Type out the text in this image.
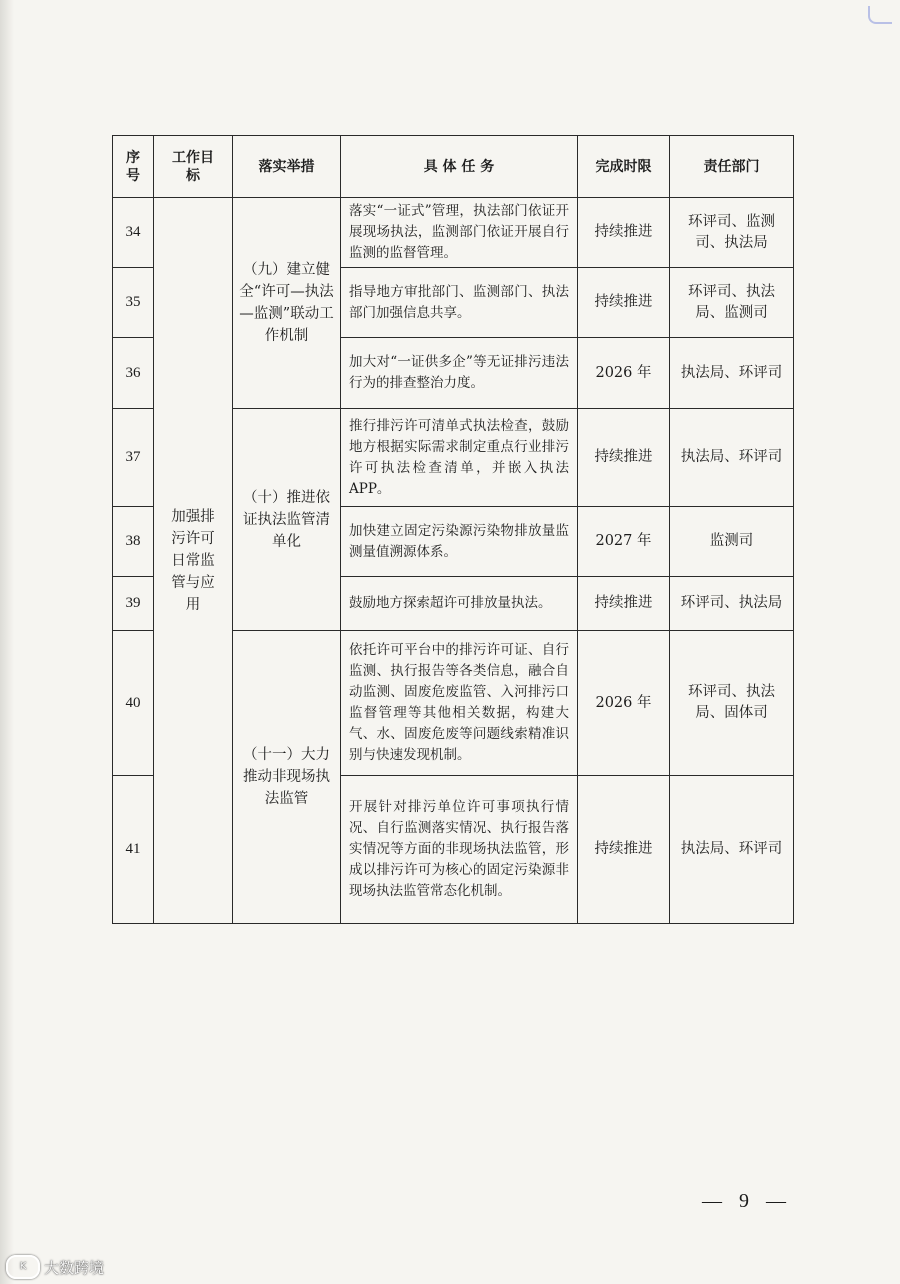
序号	工作目标	落实举措	具 体 任 务	完成时限	责任部门
34	加强排污许可日常监管与应用	（九）建立健全“许可—执法—监测”联动工作机制	落实“一证式”管理，执法部门依证开展现场执法，监测部门依证开展自行监测的监督管理。	持续推进	环评司、监测司、执法局
35			指导地方审批部门、监测部门、执法部门加强信息共享。	持续推进	环评司、执法局、监测司
36			加大对“一证供多企”等无证排污违法行为的排查整治力度。	2026 年	执法局、环评司
37		（十）推进依证执法监管清单化	推行排污许可清单式执法检查，鼓励地方根据实际需求制定重点行业排污许可执法检查清单，并嵌入执法 APP。	持续推进	执法局、环评司
38			加快建立固定污染源污染物排放量监测量值溯源体系。	2027 年	监测司
39			鼓励地方探索超许可排放量执法。	持续推进	环评司、执法局
40		（十一）大力推动非现场执法监管	依托许可平台中的排污许可证、自行监测、执行报告等各类信息，融合自动监测、固废危废监管、入河排污口监督管理等其他相关数据，构建大气、水、固废危废等问题线索精准识别与快速发现机制。	2026 年	环评司、执法局、固体司
41			开展针对排污单位许可事项执行情况、自行监测落实情况、执行报告落实情况等方面的非现场执法监管，形成以排污许可为核心的固定污染源非现场执法监管常态化机制。	持续推进	执法局、环评司
— 9 —
K	大数跨境
